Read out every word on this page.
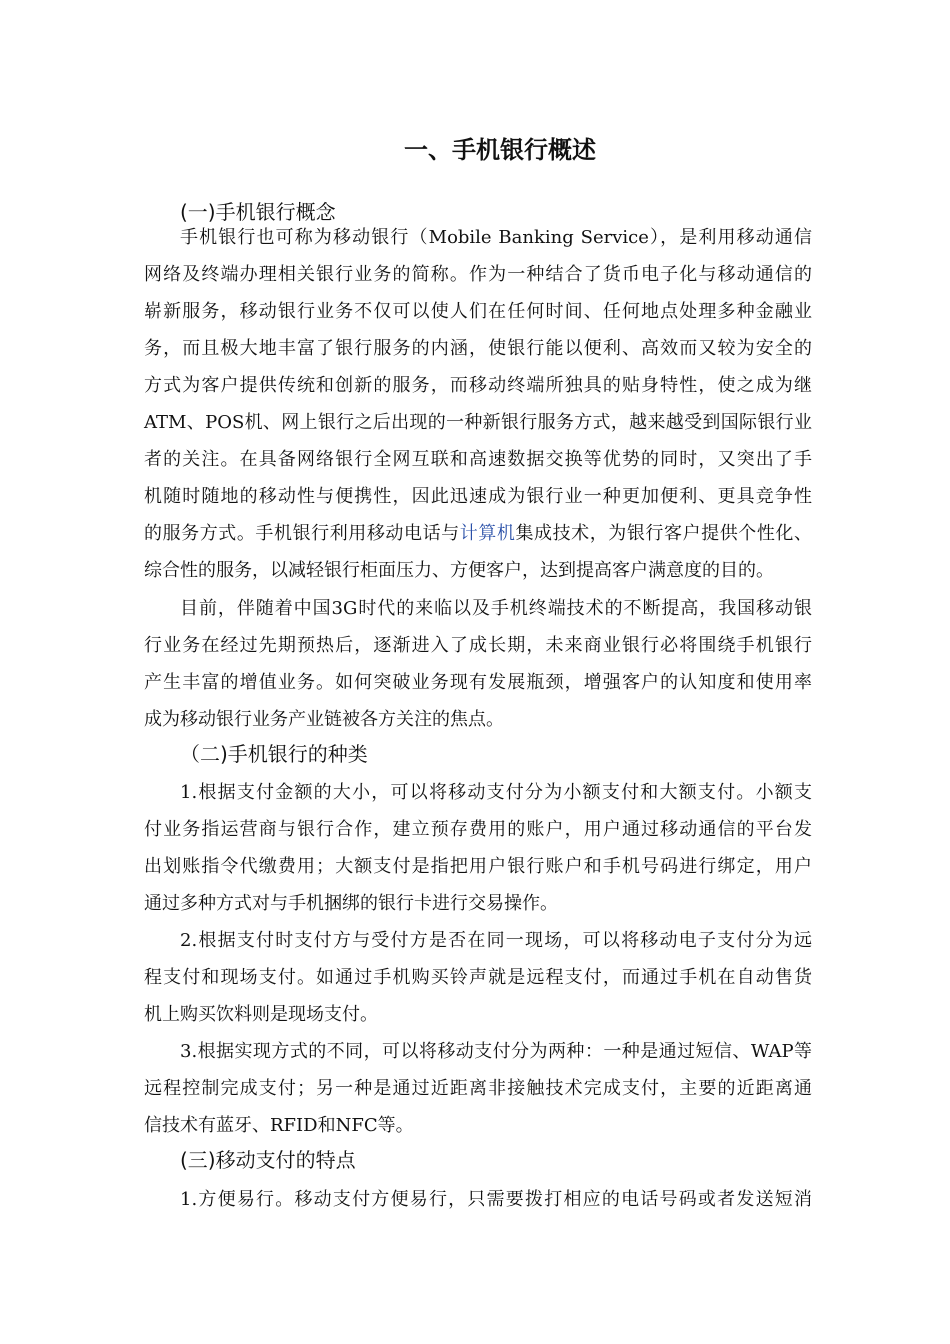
一、手机银行概述
(一)手机银行概念
手机银行也可称为移动银行（Mobile Banking Service），是利用移动通信
网络及终端办理相关银行业务的简称。作为一种结合了货币电子化与移动通信的
崭新服务，移动银行业务不仅可以使人们在任何时间、任何地点处理多种金融业
务，而且极大地丰富了银行服务的内涵，使银行能以便利、高效而又较为安全的
方式为客户提供传统和创新的服务，而移动终端所独具的贴身特性，使之成为继
ATM、POS机、网上银行之后出现的一种新银行服务方式，越来越受到国际银行业
者的关注。在具备网络银行全网互联和高速数据交换等优势的同时，又突出了手
机随时随地的移动性与便携性，因此迅速成为银行业一种更加便利、更具竞争性
的服务方式。手机银行利用移动电话与计算机集成技术，为银行客户提供个性化、
综合性的服务，以减轻银行柜面压力、方便客户，达到提高客户满意度的目的。
目前，伴随着中国3G时代的来临以及手机终端技术的不断提高，我国移动银
行业务在经过先期预热后，逐渐进入了成长期，未来商业银行必将围绕手机银行
产生丰富的增值业务。如何突破业务现有发展瓶颈，增强客户的认知度和使用率
成为移动银行业务产业链被各方关注的焦点。
（二)手机银行的种类
1.根据支付金额的大小，可以将移动支付分为小额支付和大额支付。小额支
付业务指运营商与银行合作，建立预存费用的账户，用户通过移动通信的平台发
出划账指令代缴费用；大额支付是指把用户银行账户和手机号码进行绑定，用户
通过多种方式对与手机捆绑的银行卡进行交易操作。
2.根据支付时支付方与受付方是否在同一现场，可以将移动电子支付分为远
程支付和现场支付。如通过手机购买铃声就是远程支付，而通过手机在自动售货
机上购买饮料则是现场支付。
3.根据实现方式的不同，可以将移动支付分为两种：一种是通过短信、WAP等
远程控制完成支付；另一种是通过近距离非接触技术完成支付，主要的近距离通
信技术有蓝牙、RFID和NFC等。
(三)移动支付的特点
1.方便易行。移动支付方便易行，只需要拨打相应的电话号码或者发送短消
